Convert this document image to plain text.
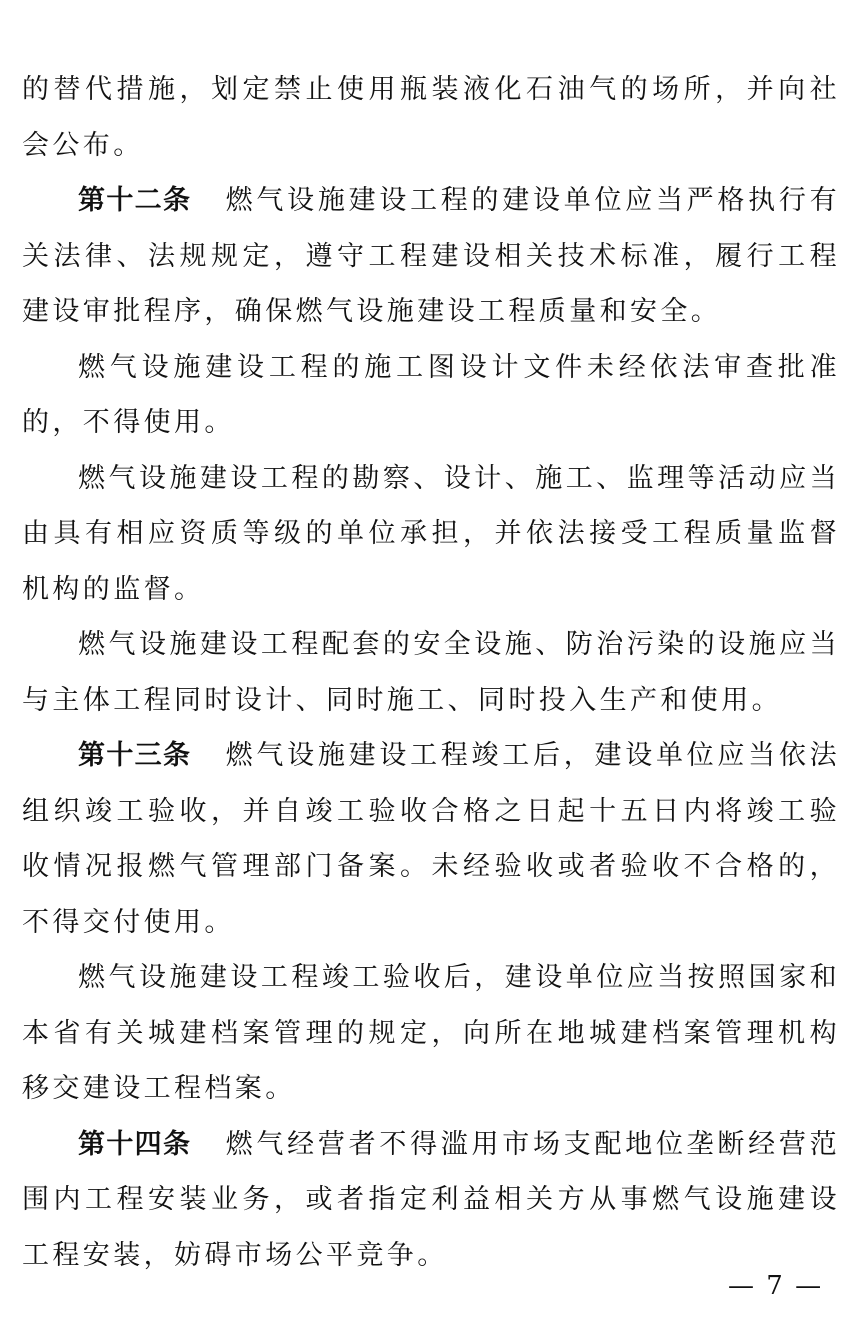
的替代措施，划定禁止使用瓶装液化石油气的场所，并向社会公布。

第十二条 燃气设施建设工程的建设单位应当严格执行有关法律、法规规定，遵守工程建设相关技术标准，履行工程建设审批程序，确保燃气设施建设工程质量和安全。

燃气设施建设工程的施工图设计文件未经依法审查批准的，不得使用。

燃气设施建设工程的勘察、设计、施工、监理等活动应当由具有相应资质等级的单位承担，并依法接受工程质量监督机构的监督。

燃气设施建设工程配套的安全设施、防治污染的设施应当与主体工程同时设计、同时施工、同时投入生产和使用。

第十三条 燃气设施建设工程竣工后，建设单位应当依法组织竣工验收，并自竣工验收合格之日起十五日内将竣工验收情况报燃气管理部门备案。未经验收或者验收不合格的，不得交付使用。

燃气设施建设工程竣工验收后，建设单位应当按照国家和本省有关城建档案管理的规定，向所在地城建档案管理机构移交建设工程档案。

第十四条 燃气经营者不得滥用市场支配地位垄断经营范围内工程安装业务，或者指定利益相关方从事燃气设施建设工程安装，妨碍市场公平竞争。

— 7 —
